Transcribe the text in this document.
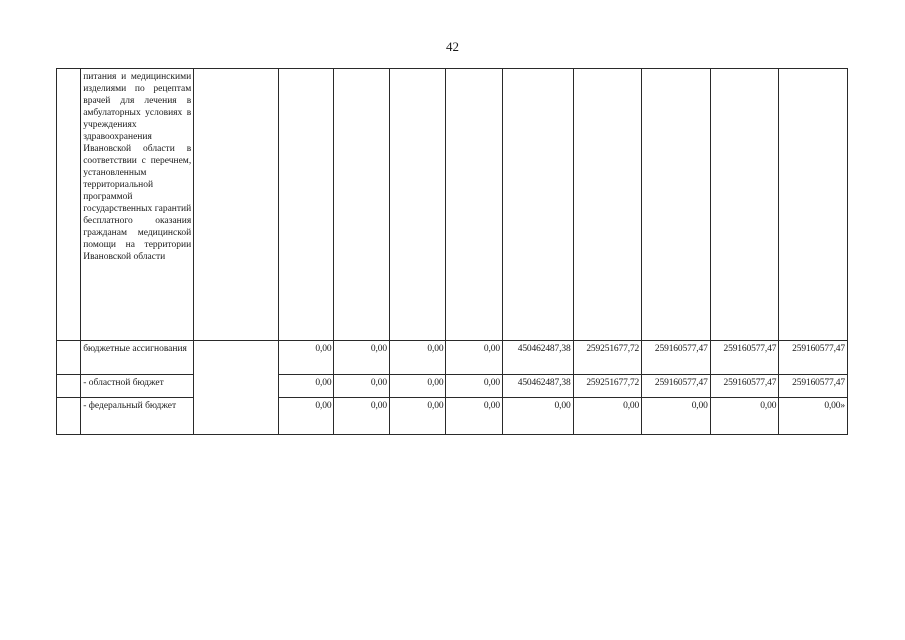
42

	питания и медицинскими изделиями по рецептам врачей для лечения в амбулаторных условиях в учреждениях здравоохранения Ивановской области в соответствии с перечнем, установленным территориальной программой государственных гарантий бесплатного оказания гражданам медицинской помощи на территории Ивановской области										

	бюджетные ассигнования		0,00	0,00	0,00	0,00	450462487,38	259251677,72	259160577,47	259160577,47	259160577,47
	- областной бюджет		0,00	0,00	0,00	0,00	450462487,38	259251677,72	259160577,47	259160577,47	259160577,47
	- федеральный бюджет		0,00	0,00	0,00	0,00	0,00	0,00	0,00	0,00	0,00»
